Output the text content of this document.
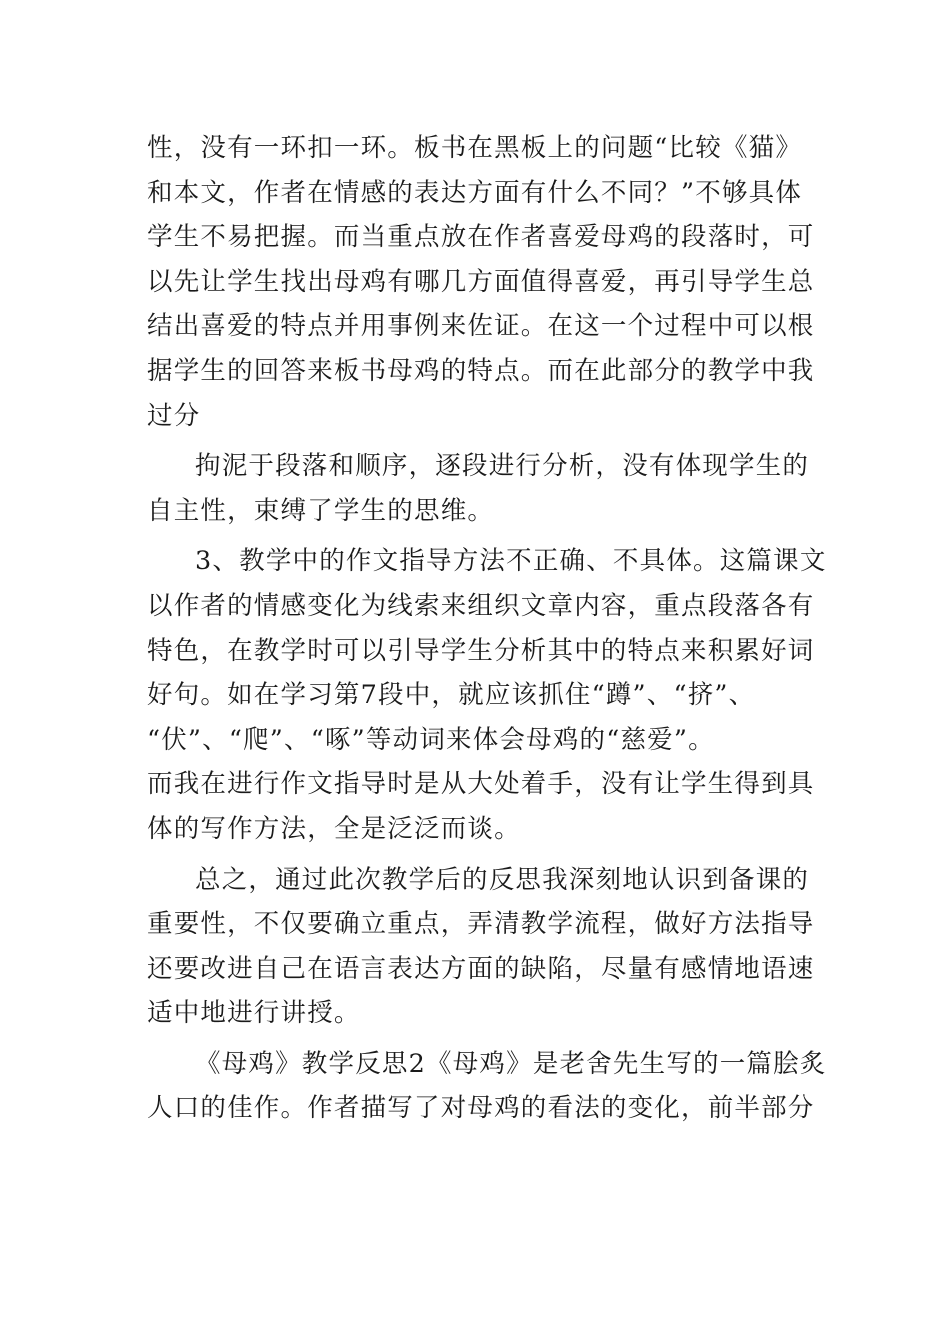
性，没有一环扣一环。板书在黑板上的问题“比较《猫》
和本文，作者在情感的表达方面有什么不同？”不够具体
学生不易把握。而当重点放在作者喜爱母鸡的段落时，可
以先让学生找出母鸡有哪几方面值得喜爱，再引导学生总
结出喜爱的特点并用事例来佐证。在这一个过程中可以根
据学生的回答来板书母鸡的特点。而在此部分的教学中我
过分
拘泥于段落和顺序，逐段进行分析，没有体现学生的
自主性，束缚了学生的思维。
3、教学中的作文指导方法不正确、不具体。这篇课文
以作者的情感变化为线索来组织文章内容，重点段落各有
特色，在教学时可以引导学生分析其中的特点来积累好词
好句。如在学习第7段中，就应该抓住“蹲”、“挤”、
“伏”、“爬”、“啄”等动词来体会母鸡的“慈爱”。
而我在进行作文指导时是从大处着手，没有让学生得到具
体的写作方法，全是泛泛而谈。
总之，通过此次教学后的反思我深刻地认识到备课的
重要性，不仅要确立重点，弄清教学流程，做好方法指导
还要改进自己在语言表达方面的缺陷，尽量有感情地语速
适中地进行讲授。
《母鸡》教学反思2《母鸡》是老舍先生写的一篇脍炙
人口的佳作。作者描写了对母鸡的看法的变化，前半部分
